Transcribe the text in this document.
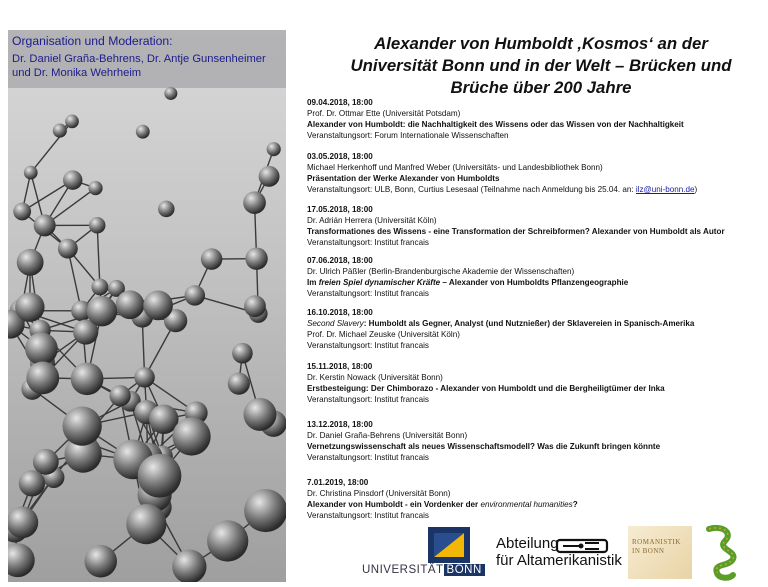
Organisation und Moderation:
Dr. Daniel Graña-Behrens, Dr. Antje Gunsenheimer
und Dr. Monika Wehrheim
Alexander von Humboldt ‚Kosmos‘ an der
Universität Bonn und in der Welt – Brücken und
Brüche über 200 Jahre
09.04.2018, 18:00
Prof. Dr. Ottmar Ette (Universität Potsdam)
Alexander von Humboldt: die Nachhaltigkeit des Wissens oder das Wissen von der Nachhaltigkeit
Veranstaltungsort: Forum Internationale Wissenschaften
03.05.2018, 18:00
Michael Herkenhoff und Manfred Weber (Universitäts- und Landesbibliothek Bonn)
Präsentation der Werke Alexander von Humboldts
Veranstaltungsort: ULB, Bonn, Curtius Lesesaal (Teilnahme nach Anmeldung bis 25.04. an: ilz@uni-bonn.de)
17.05.2018, 18:00
Dr. Adrián Herrera (Universität Köln)
Transformationes des Wissens - eine Transformation der Schreibformen? Alexander von Humboldt als Autor
Veranstaltungsort: Institut francais
07.06.2018, 18:00
Dr. Ulrich Päßler (Berlin-Brandenburgische Akademie der Wissenschaften)
Im freien Spiel dynamischer Kräfte – Alexander von Humboldts Pflanzengeographie
Veranstaltungsort: Institut francais
16.10.2018, 18:00
Second Slavery: Humboldt als Gegner, Analyst (und Nutznießer) der Sklavereien in Spanisch-Amerika
Prof. Dr. Michael Zeuske (Universität Köln)
Veranstaltungsort: Institut francais
15.11.2018, 18:00
Dr. Kerstin Nowack (Universität Bonn)
Erstbesteigung: Der Chimborazo - Alexander von Humboldt und die Bergheiligtümer der Inka
Veranstaltungsort: Institut francais
13.12.2018, 18:00
Dr. Daniel Graña-Behrens (Universität Bonn)
Vernetzungswissenschaft als neues Wissenschaftsmodell? Was die Zukunft bringen könnte
Veranstaltungsort: Institut francais
7.01.2019, 18:00
Dr. Christina Pinsdorf (Universität Bonn)
Alexander von Humboldt - ein Vordenker der environmental humanities?
Veranstaltungsort: Institut francais
UNIVERSITÄT BONN
Abteilung
für Altamerikanistik
ROMANISTIK
IN BONN
